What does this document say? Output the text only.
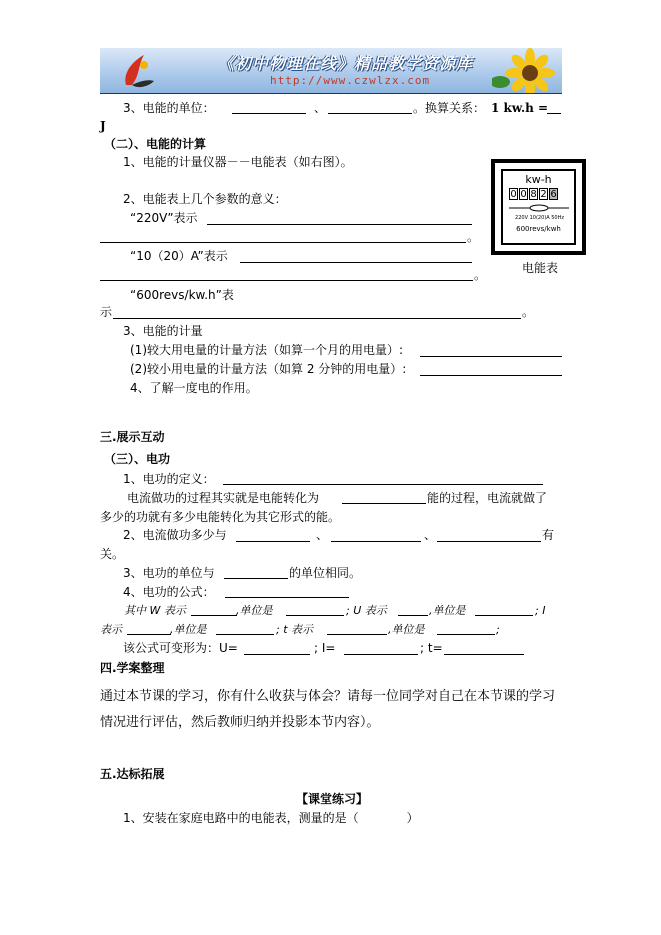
《初中物理在线》精品教学资源库
http://www.czwlzx.com
3、电能的单位：	、	。换算关系： 1 kw.h =
J
（二）、电能的计算
1、电能的计量仪器－－电能表（如右图）。
2、电能表上几个参数的意义：
“220V”表示
。
“10（20）A”表示
。
“600revs/kw.h”表
示	。
3、电能的计量
(1)较大用电量的计量方法（如算一个月的用电量）:
(2)较小用电量的计量方法（如算 2 分钟的用电量）:
4、了解一度电的作用。
kw-h
0 0 8 2 6
220V 10(20)A 50Hz
600revs/kwh
电能表
三.展示互动
（三）、电功
1、电功的定义：
电流做功的过程其实就是电能转化为	能的过程，电流就做了
多少的功就有多少电能转化为其它形式的能。
2、电流做功多少与	、	、	有
关。
3、电功的单位与	的单位相同。
4、电功的公式：
其中 W 表示	,单位是	; U 表示	,单位是	; I
表示	,单位是	; t 表示	,单位是	;
该公式可变形为：U=	; I=	; t=
四.学案整理
通过本节课的学习，你有什么收获与体会？请每一位同学对自己在本节课的学习
情况进行评估，然后教师归纳并投影本节内容）。
五.达标拓展
【课堂练习】
1、安装在家庭电路中的电能表，测量的是（　　　　）
